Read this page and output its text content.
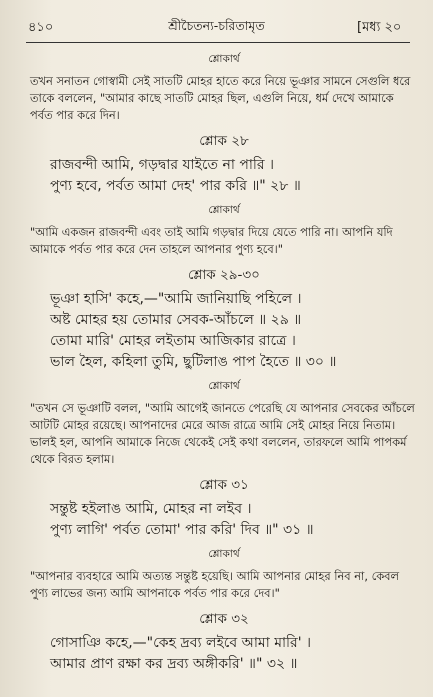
৪১০	শ্রীচৈতন্য-চরিতামৃত	[মধ্য ২০
শ্লোকার্থ

তখন সনাতন গোস্বামী সেই সাতটি মোহর হাতে করে নিয়ে ভূঞার সামনে সেগুলি ধরে তাকে বললেন, "আমার কাছে সাতটি মোহর ছিল, এগুলি নিয়ে, ধর্ম দেখে আমাকে পর্বত পার করে দিন।

শ্লোক ২৮
রাজবন্দী আমি, গড়দ্বার যাইতে না পারি ।
পুণ্য হবে, পর্বত আমা দেহ' পার করি ॥" ২৮ ॥
শ্লোকার্থ

"আমি একজন রাজবন্দী এবং তাই আমি গড়দ্বার দিয়ে যেতে পারি না। আপনি যদি আমাকে পর্বত পার করে দেন তাহলে আপনার পুণ্য হবে।"

শ্লোক ২৯-৩০
ভূঞা হাসি' কহে,—"আমি জানিয়াছি পহিলে ।
অষ্ট মোহর হয় তোমার সেবক-আঁচলে ॥ ২৯ ॥
তোমা মারি' মোহর লইতাম আজিকার রাত্রে ।
ভাল হৈল, কহিলা তুমি, ছুটিলাঙ পাপ হৈতে ॥ ৩০ ॥
শ্লোকার্থ

"তখন সে ভূঞাটি বলল, "আমি আগেই জানতে পেরেছি যে আপনার সেবকের আঁচলে আটটি মোহর রয়েছে। আপনাদের মেরে আজ রাত্রে আমি সেই মোহর নিয়ে নিতাম। ভালই হল, আপনি আমাকে নিজে থেকেই সেই কথা বললেন, তারফলে আমি পাপকর্ম থেকে বিরত হলাম।

শ্লোক ৩১
সন্তুষ্ট হইলাঙ আমি, মোহর না লইব ।
পুণ্য লাগি' পর্বত তোমা' পার করি' দিব ॥" ৩১ ॥
শ্লোকার্থ

"আপনার ব্যবহারে আমি অত্যন্ত সন্তুষ্ট হয়েছি। আমি আপনার মোহর নিব না, কেবল পুণ্য লাভের জন্য আমি আপনাকে পর্বত পার করে দেব।"

শ্লোক ৩২
গোসাঞি কহে,—"কেহ দ্রব্য লইবে আমা মারি' ।
আমার প্রাণ রক্ষা কর দ্রব্য অঙ্গীকরি' ॥" ৩২ ॥
